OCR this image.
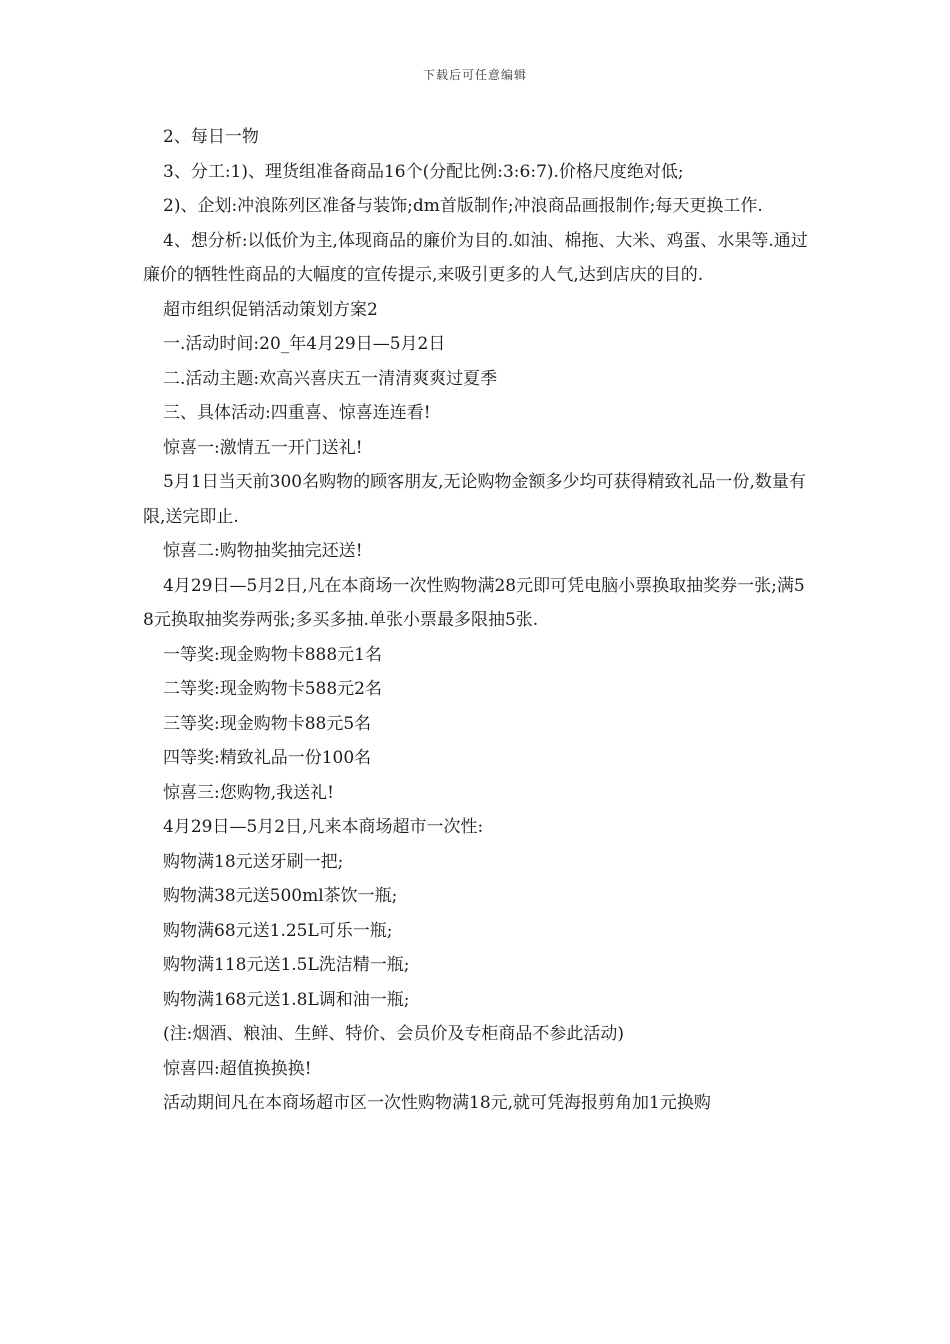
下载后可任意编辑

2、每日一物

3、分工:1)、理货组准备商品16个(分配比例:3:6:7).价格尺度绝对低;

2)、企划:冲浪陈列区准备与装饰;dm首版制作;冲浪商品画报制作;每天更换工作.

4、想分析:以低价为主,体现商品的廉价为目的.如油、棉拖、大米、鸡蛋、水果等.通过廉价的牺牲性商品的大幅度的宣传提示,来吸引更多的人气,达到店庆的目的.

超市组织促销活动策划方案2

一.活动时间:20_年4月29日—5月2日

二.活动主题:欢高兴喜庆五一清清爽爽过夏季

三、具体活动:四重喜、惊喜连连看!

惊喜一:激情五一开门送礼!

5月1日当天前300名购物的顾客朋友,无论购物金额多少均可获得精致礼品一份,数量有限,送完即止.

惊喜二:购物抽奖抽完还送!

4月29日—5月2日,凡在本商场一次性购物满28元即可凭电脑小票换取抽奖券一张;满58元换取抽奖券两张;多买多抽.单张小票最多限抽5张.

一等奖:现金购物卡888元1名

二等奖:现金购物卡588元2名

三等奖:现金购物卡88元5名

四等奖:精致礼品一份100名

惊喜三:您购物,我送礼!

4月29日—5月2日,凡来本商场超市一次性:

购物满18元送牙刷一把;

购物满38元送500ml茶饮一瓶;

购物满68元送1.25L可乐一瓶;

购物满118元送1.5L洗洁精一瓶;

购物满168元送1.8L调和油一瓶;

(注:烟酒、粮油、生鲜、特价、会员价及专柜商品不参此活动)

惊喜四:超值换换换!

活动期间凡在本商场超市区一次性购物满18元,就可凭海报剪角加1元换购
